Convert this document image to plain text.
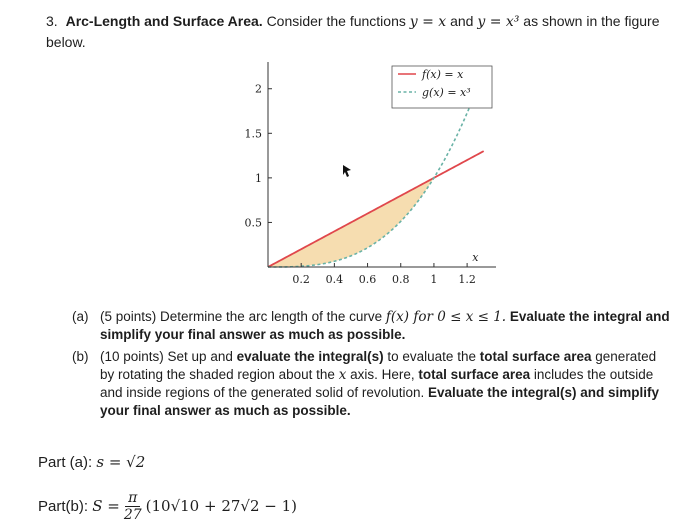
3. Arc-Length and Surface Area. Consider the functions y = x and y = x³ as shown in the figure below.
0.2 0.4 0.6 0.8 1 1.2
0.5
1
1.5
2
x
f(x) = x
g(x) = x³
(a) (5 points) Determine the arc length of the curve f(x) for 0 ≤ x ≤ 1. Evaluate the integral and simplify your final answer as much as possible.
(b) (10 points) Set up and evaluate the integral(s) to evaluate the total surface area generated by rotating the shaded region about the x axis. Here, total surface area includes the outside and inside regions of the generated solid of revolution. Evaluate the integral(s) and simplify your final answer as much as possible.
Part (a):
s = √2
Part(b):
$S = \frac{\pi}{27} (10√10 + 27√2 - 1)$
